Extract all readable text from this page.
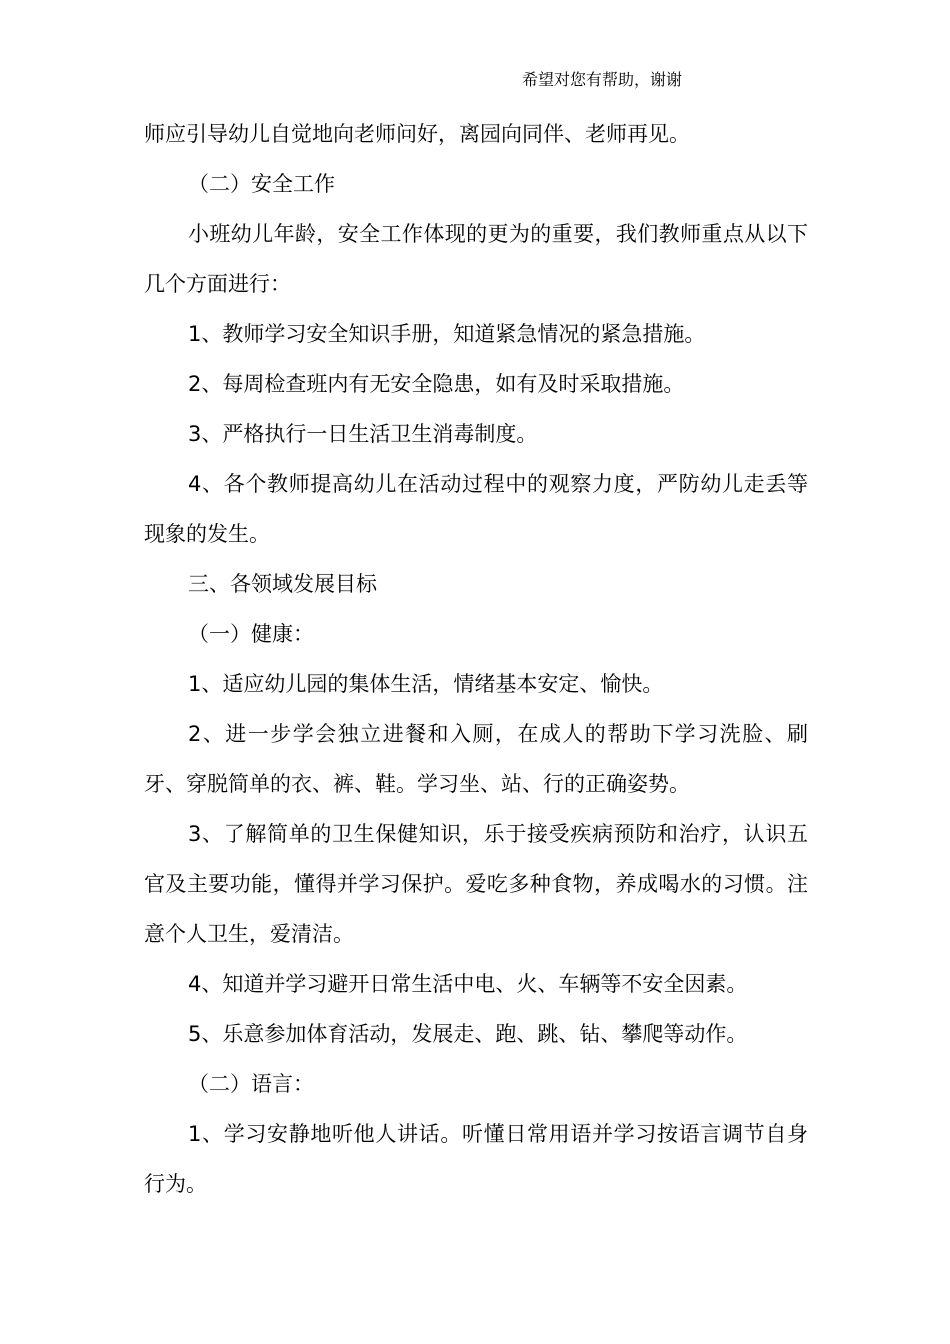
希望对您有帮助，谢谢

师应引导幼儿自觉地向老师问好，离园向同伴、老师再见。

（二）安全工作

小班幼儿年龄，安全工作体现的更为的重要，我们教师重点从以下几个方面进行：

1、教师学习安全知识手册，知道紧急情况的紧急措施。

2、每周检查班内有无安全隐患，如有及时采取措施。

3、严格执行一日生活卫生消毒制度。

4、各个教师提高幼儿在活动过程中的观察力度，严防幼儿走丢等现象的发生。

三、各领域发展目标

（一）健康：

1、适应幼儿园的集体生活，情绪基本安定、愉快。

2、进一步学会独立进餐和入厕，在成人的帮助下学习洗脸、刷牙、穿脱简单的衣、裤、鞋。学习坐、站、行的正确姿势。

3、了解简单的卫生保健知识，乐于接受疾病预防和治疗，认识五官及主要功能，懂得并学习保护。爱吃多种食物，养成喝水的习惯。注意个人卫生，爱清洁。

4、知道并学习避开日常生活中电、火、车辆等不安全因素。

5、乐意参加体育活动，发展走、跑、跳、钻、攀爬等动作。

（二）语言：

1、学习安静地听他人讲话。听懂日常用语并学习按语言调节自身行为。
